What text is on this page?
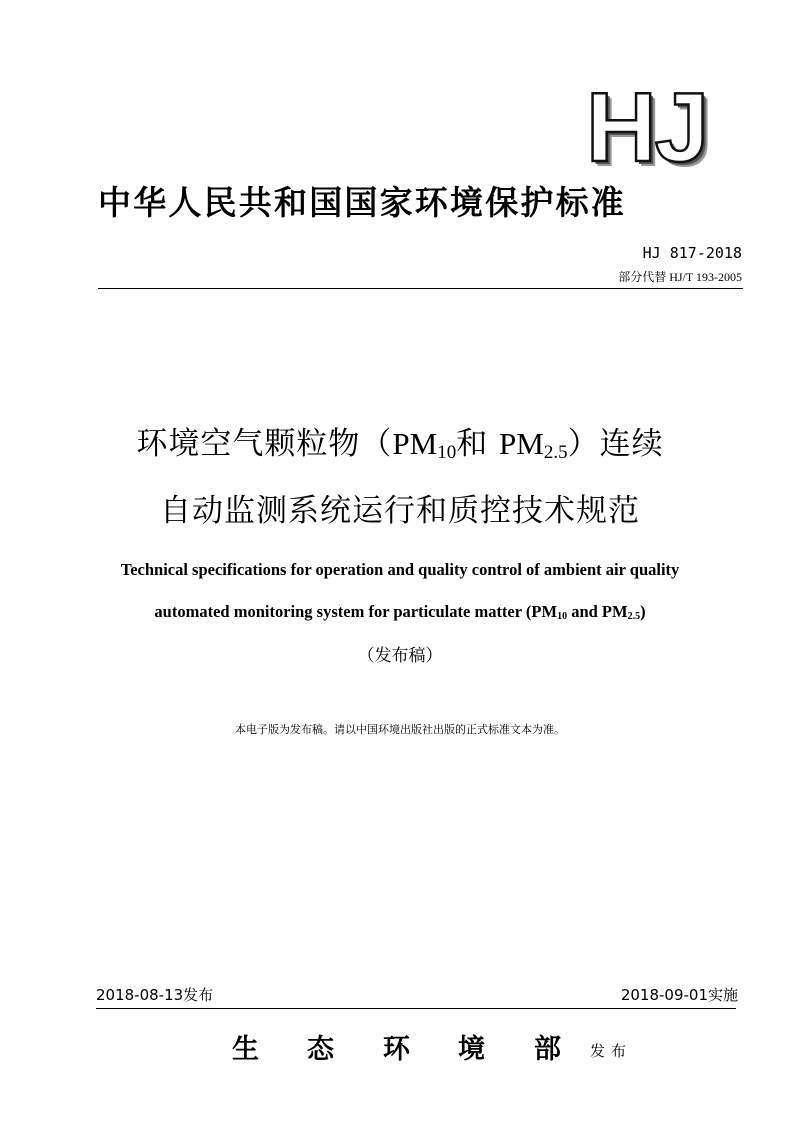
HJ
中华人民共和国国家环境保护标准
HJ 817-2018
部分代替 HJ/T 193-2005
环境空气颗粒物（$PM_{10}$和 $PM_{2.5}$）连续
自动监测系统运行和质控技术规范
Technical specifications for operation and quality control of ambient air quality
automated monitoring system for particulate matter ($PM_{10}$ and $PM_{2.5}$)
（发布稿）
本电子版为发布稿。请以中国环境出版社出版的正式标准文本为准。
2018-08-13发布	2018-09-01实施
生 态 环 境 部 发布
